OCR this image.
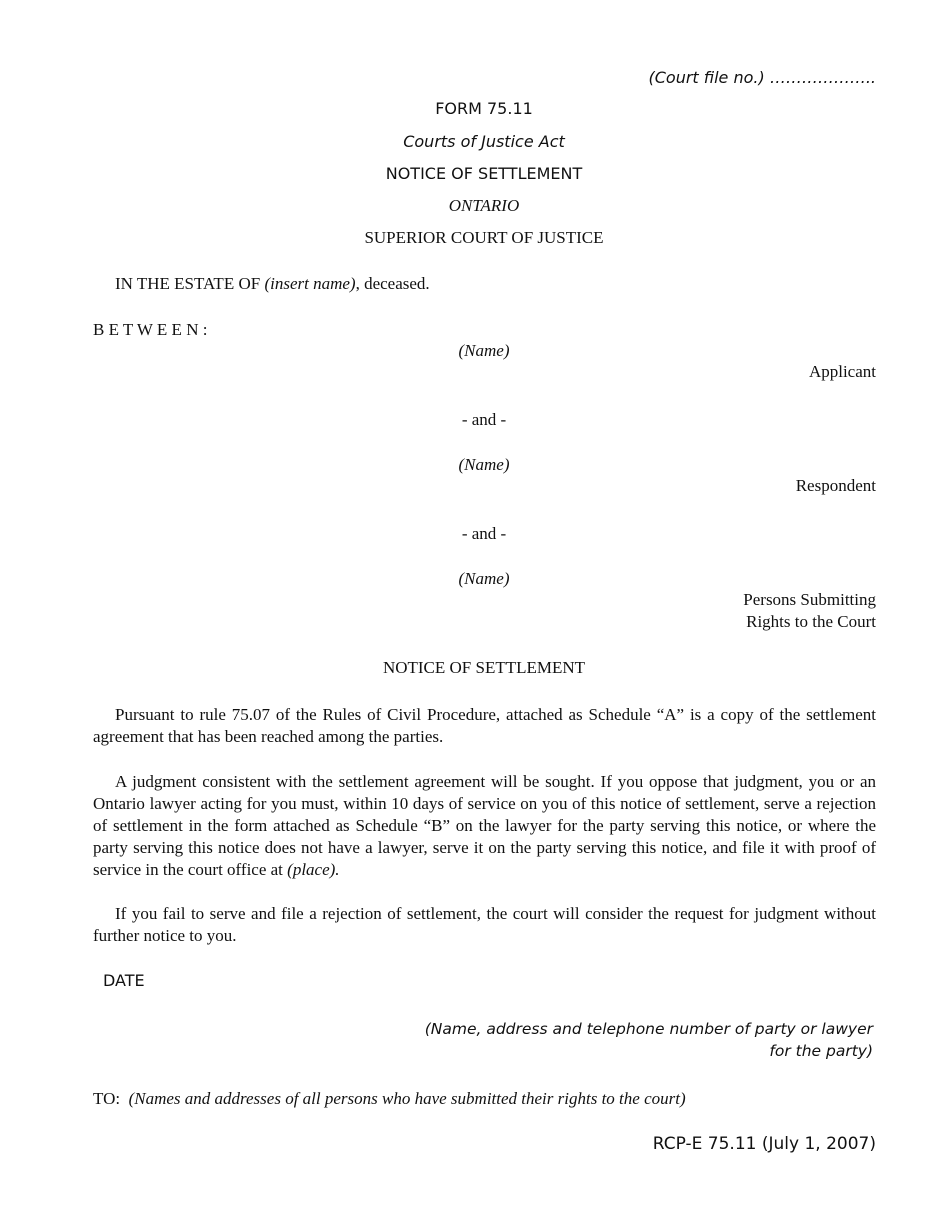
(Court file no.) ………………..
FORM 75.11
Courts of Justice Act
NOTICE OF SETTLEMENT
ONTARIO
SUPERIOR COURT OF JUSTICE
IN THE ESTATE OF (insert name), deceased.
B E T W E E N :
(Name)
Applicant
- and -
(Name)
Respondent
- and -
(Name)
Persons Submitting
Rights to the Court
NOTICE OF SETTLEMENT
Pursuant to rule 75.07 of the Rules of Civil Procedure, attached as Schedule “A” is a copy of the settlement agreement that has been reached among the parties.
A judgment consistent with the settlement agreement will be sought. If you oppose that judgment, you or an Ontario lawyer acting for you must, within 10 days of service on you of this notice of settlement, serve a rejection of settlement in the form attached as Schedule “B” on the lawyer for the party serving this notice, or where the party serving this notice does not have a lawyer, serve it on the party serving this notice, and file it with proof of service in the court office at (place).
If you fail to serve and file a rejection of settlement, the court will consider the request for judgment without further notice to you.
DATE
(Name, address and telephone number of party or lawyer
for the party)
TO: (Names and addresses of all persons who have submitted their rights to the court)
RCP-E 75.11 (July 1, 2007)
